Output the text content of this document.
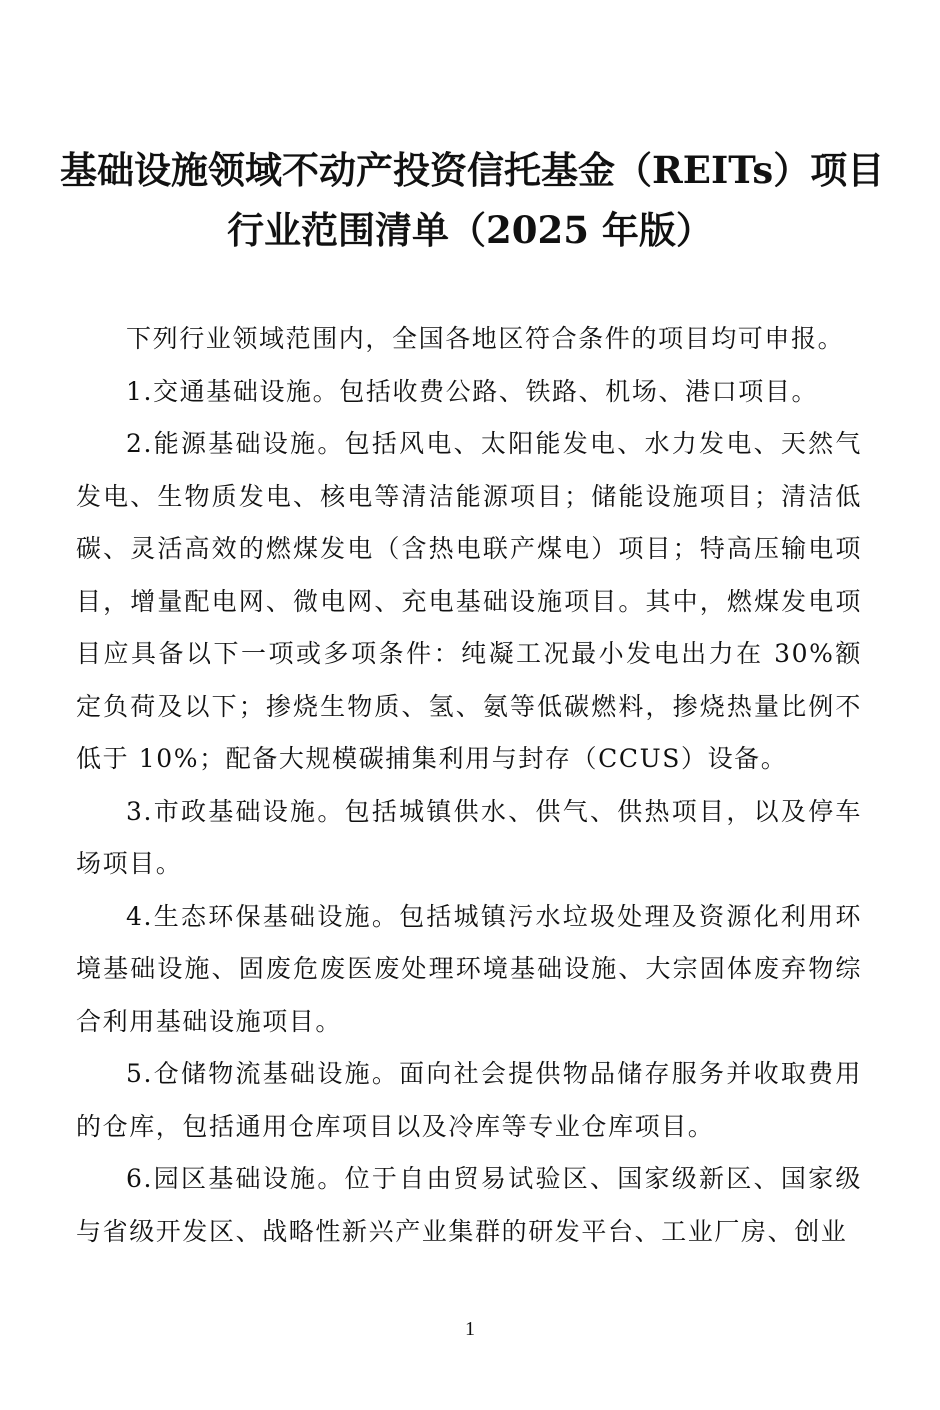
基础设施领域不动产投资信托基金（REITs）项目
行业范围清单（2025 年版）

下列行业领域范围内，全国各地区符合条件的项目均可申报。

1.交通基础设施。包括收费公路、铁路、机场、港口项目。

2.能源基础设施。包括风电、太阳能发电、水力发电、天然气发电、生物质发电、核电等清洁能源项目；储能设施项目；清洁低碳、灵活高效的燃煤发电（含热电联产煤电）项目；特高压输电项目，增量配电网、微电网、充电基础设施项目。其中，燃煤发电项目应具备以下一项或多项条件：纯凝工况最小发电出力在 30%额定负荷及以下；掺烧生物质、氢、氨等低碳燃料，掺烧热量比例不低于 10%；配备大规模碳捕集利用与封存（CCUS）设备。

3.市政基础设施。包括城镇供水、供气、供热项目，以及停车场项目。

4.生态环保基础设施。包括城镇污水垃圾处理及资源化利用环境基础设施、固废危废医废处理环境基础设施、大宗固体废弃物综合利用基础设施项目。

5.仓储物流基础设施。面向社会提供物品储存服务并收取费用的仓库，包括通用仓库项目以及冷库等专业仓库项目。

6.园区基础设施。位于自由贸易试验区、国家级新区、国家级与省级开发区、战略性新兴产业集群的研发平台、工业厂房、创业

1
